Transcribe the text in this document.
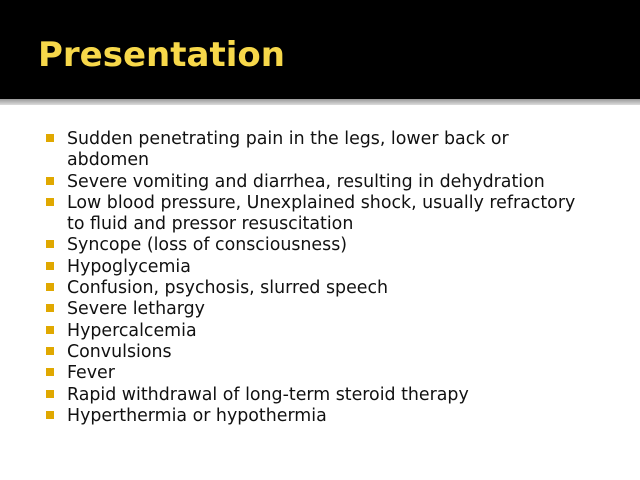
Presentation
Sudden penetrating pain in the legs, lower back or
abdomen
Severe vomiting and diarrhea, resulting in dehydration
Low blood pressure, Unexplained shock, usually refractory
to fluid and pressor resuscitation
Syncope (loss of consciousness)
Hypoglycemia
Confusion, psychosis, slurred speech
Severe lethargy
Hypercalcemia
Convulsions
Fever
Rapid withdrawal of long-term steroid therapy
Hyperthermia or hypothermia
